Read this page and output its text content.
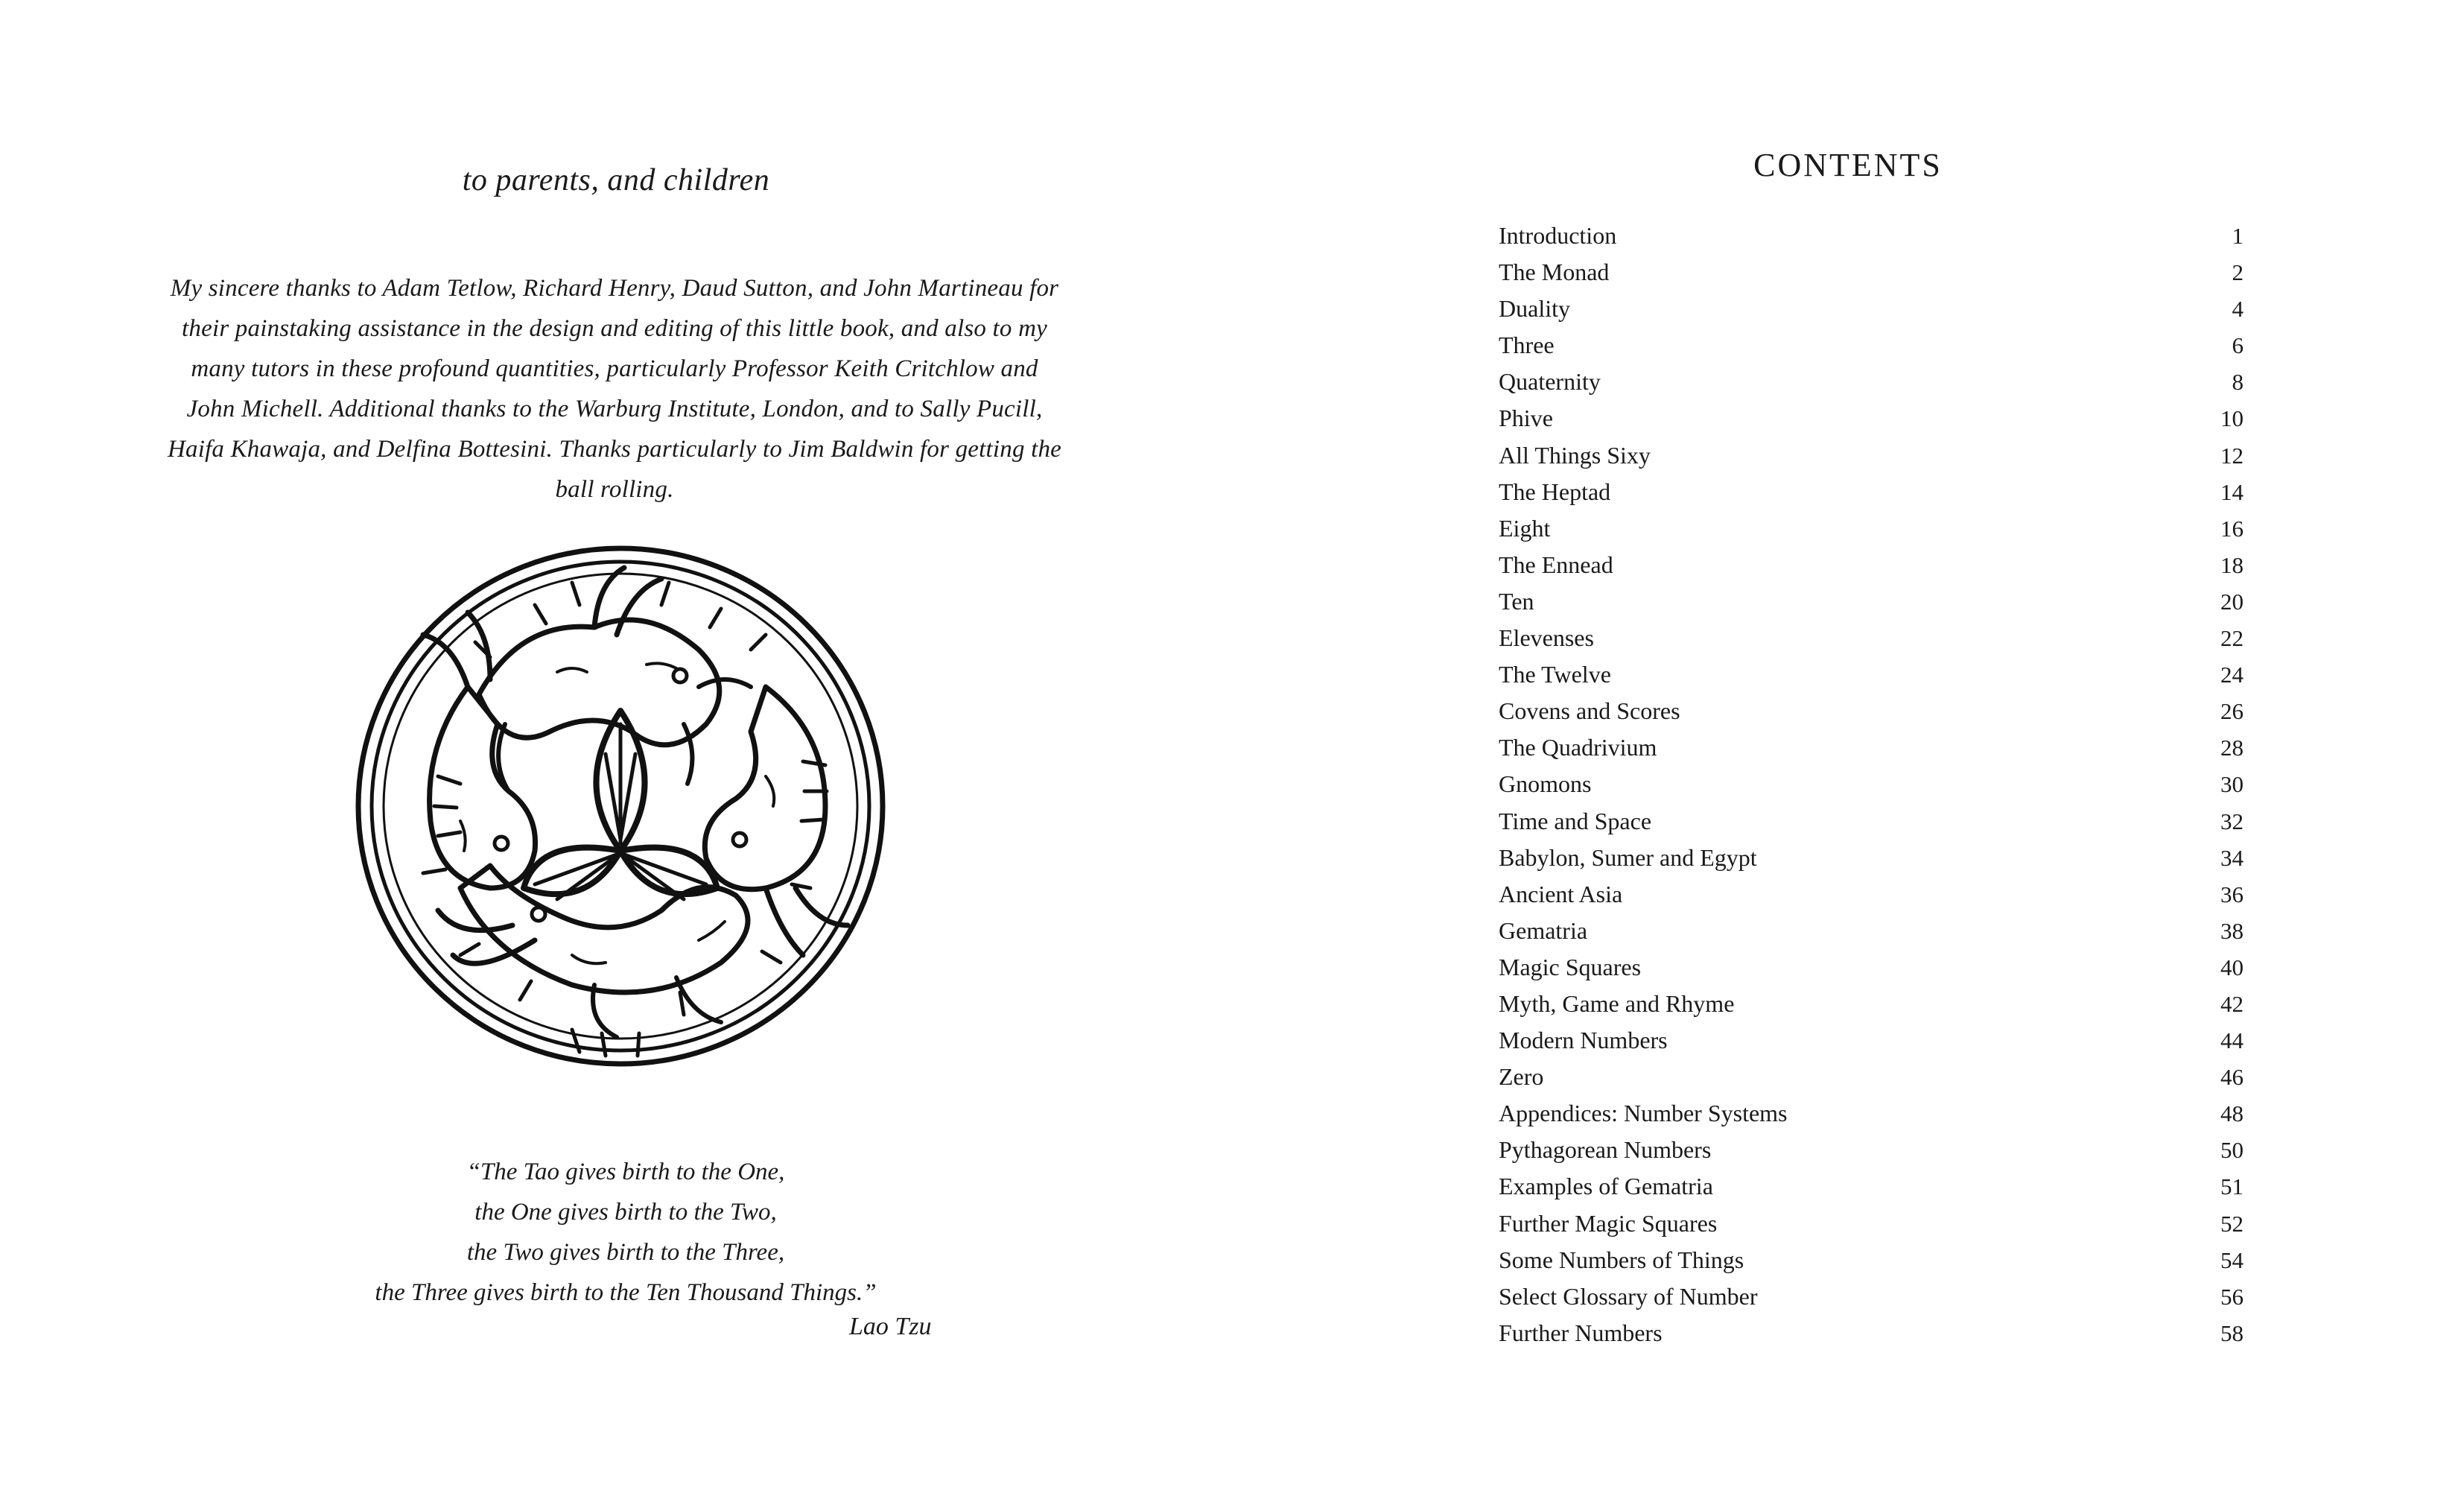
to parents, and children
My sincere thanks to Adam Tetlow, Richard Henry, Daud Sutton, and John Martineau for their painstaking assistance in the design and editing of this little book, and also to my many tutors in these profound quantities, particularly Professor Keith Critchlow and John Michell. Additional thanks to the Warburg Institute, London, and to Sally Pucill, Haifa Khawaja, and Delfina Bottesini. Thanks particularly to Jim Baldwin for getting the ball rolling.
“The Tao gives birth to the One,
the One gives birth to the Two,
the Two gives birth to the Three,
the Three gives birth to the Ten Thousand Things.”
Lao Tzu
CONTENTS
Introduction	1
The Monad	2
Duality	4
Three	6
Quaternity	8
Phive	10
All Things Sixy	12
The Heptad	14
Eight	16
The Ennead	18
Ten	20
Elevenses	22
The Twelve	24
Covens and Scores	26
The Quadrivium	28
Gnomons	30
Time and Space	32
Babylon, Sumer and Egypt	34
Ancient Asia	36
Gematria	38
Magic Squares	40
Myth, Game and Rhyme	42
Modern Numbers	44
Zero	46
Appendices: Number Systems	48
Pythagorean Numbers	50
Examples of Gematria	51
Further Magic Squares	52
Some Numbers of Things	54
Select Glossary of Number	56
Further Numbers	58
